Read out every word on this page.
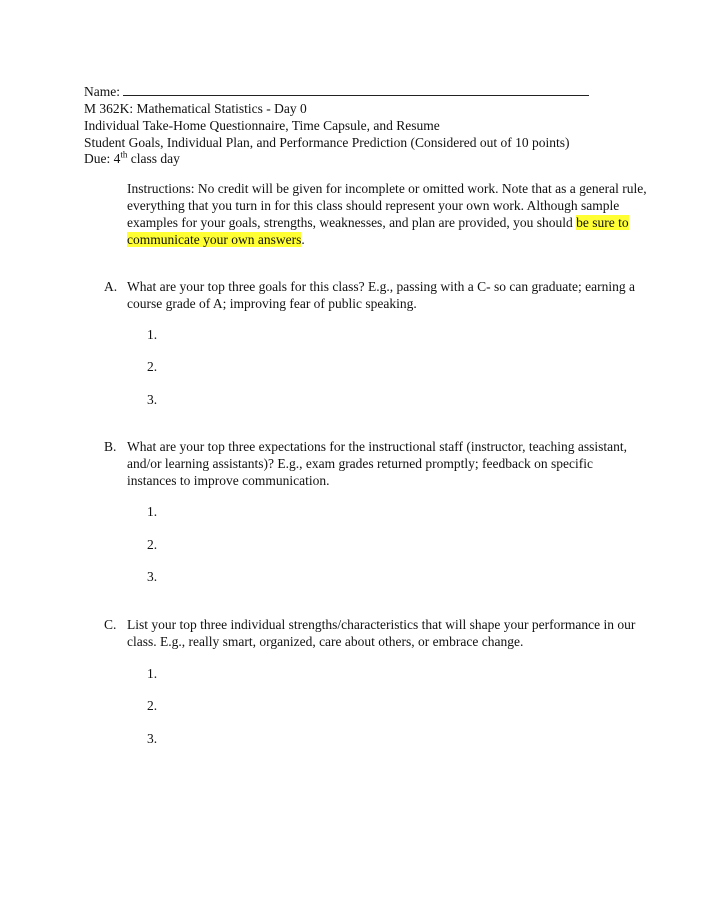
Name:
M 362K: Mathematical Statistics - Day 0
Individual Take-Home Questionnaire, Time Capsule, and Resume
Student Goals, Individual Plan, and Performance Prediction (Considered out of 10 points)
Due: 4th class day
Instructions: No credit will be given for incomplete or omitted work. Note that as a general rule, everything that you turn in for this class should represent your own work. Although sample examples for your goals, strengths, weaknesses, and plan are provided, you should be sure to communicate your own answers.
A. What are your top three goals for this class? E.g., passing with a C- so can graduate; earning a course grade of A; improving fear of public speaking.
1.
2.
3.
B. What are your top three expectations for the instructional staff (instructor, teaching assistant, and/or learning assistants)? E.g., exam grades returned promptly; feedback on specific instances to improve communication.
1.
2.
3.
C. List your top three individual strengths/characteristics that will shape your performance in our class. E.g., really smart, organized, care about others, or embrace change.
1.
2.
3.
